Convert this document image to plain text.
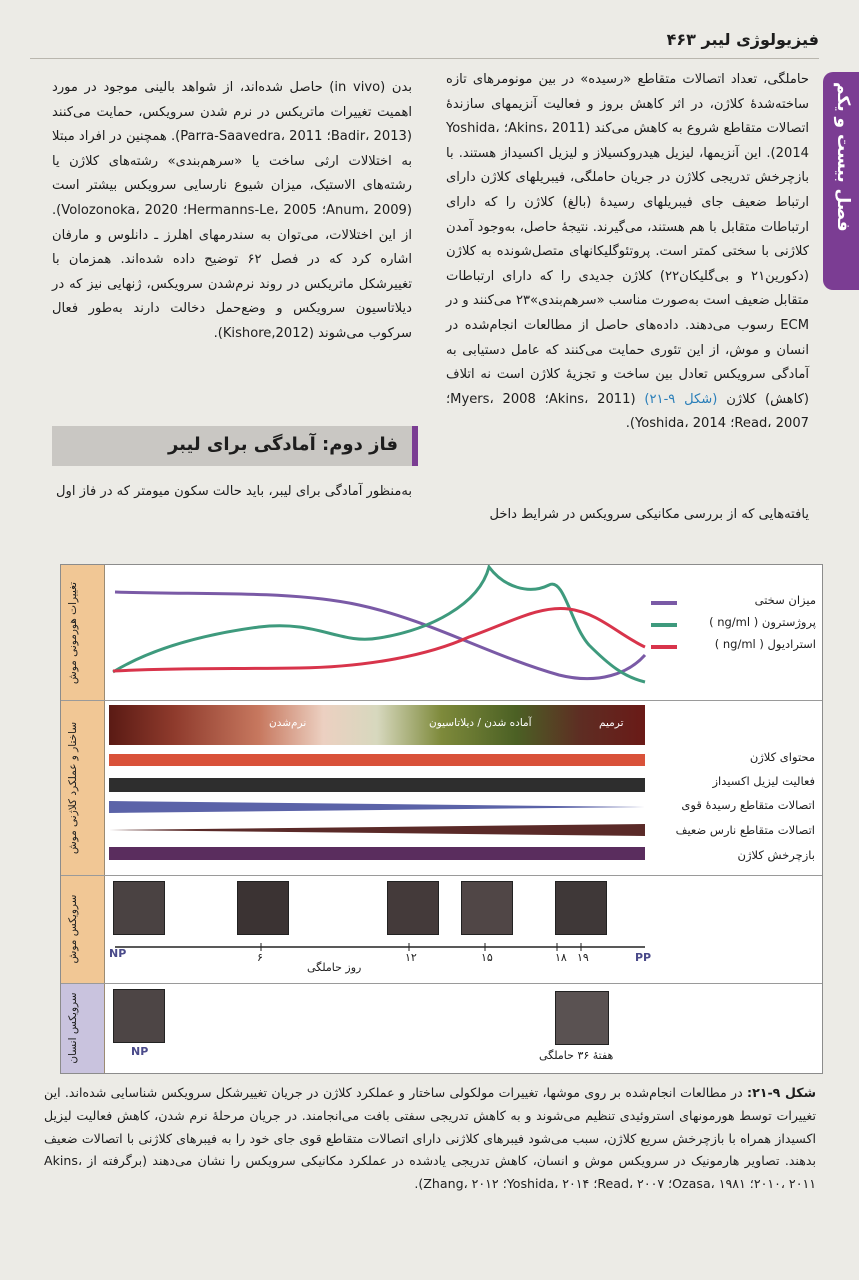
فیزیولوژی لیبر ۴۶۳
فصل بیست و یکم

حاملگی، تعداد اتصالات متقاطع «رسیده» در بین مونومرهای تازه ساخته‌شدهٔ کلاژن، در اثر کاهش بروز و فعالیت آنزیمهای سازندهٔ اتصالات متقاطع شروع به کاهش می‌کند (Akins، 2011؛ Yoshida، 2014). این آنزیمها، لیزیل هیدروکسیلاز و لیزیل اکسیداز هستند. با بازچرخش تدریجی کلاژن در جریان حاملگی، فیبریلهای کلاژن دارای ارتباط ضعیف جای فیبریلهای رسیدهٔ (بالغ) کلاژن را که دارای ارتباطات متقابل با هم هستند، می‌گیرند. نتیجهٔ حاصل، به‌وجود آمدن کلاژنی با سختی کمتر است. پروتئوگلیکانهای متصل‌شونده به کلاژن (دکورین۲۱ و بی‌گلیکان۲۲) کلاژن جدیدی را که دارای ارتباطات متقابل ضعیف است به‌صورت مناسب «سرهم‌بندی»۲۳ می‌کنند و در ECM رسوب می‌دهند. داده‌های حاصل از مطالعات انجام‌شده در انسان و موش، از این تئوری حمایت می‌کنند که عامل دستیابی به آمادگی سرویکس تعادل بین ساخت و تجزیهٔ کلاژن است نه اتلاف (کاهش) کلاژن (شکل ۹-۲۱) (Akins، 2011؛ Myers، 2008؛ Read، 2007؛ Yoshida، 2014).

یافته‌هایی که از بررسی مکانیکی سرویکس در شرایط داخل

بدن (in vivo) حاصل شده‌اند، از شواهد بالینی موجود در مورد اهمیت تغییرات ماتریکس در نرم شدن سرویکس، حمایت می‌کنند (Badir، 2013؛ Parra-Saavedra، 2011). همچنین در افراد مبتلا به اختلالات ارثی ساخت یا «سرهم‌بندی» رشته‌های کلاژن یا رشته‌های الاستیک، میزان شیوع نارسایی سرویکس بیشتر است (Anum، 2009؛ Hermanns-Le، 2005؛ Volozonoka، 2020). از این اختلالات، می‌توان به سندرمهای اهلرز ـ دانلوس و مارفان اشاره کرد که در فصل ۶۲ توضیح داده شده‌اند. همزمان با تغییرشکل ماتریکس در روند نرم‌شدن سرویکس، ژنهایی نیز که در دیلاتاسیون سرویکس و وضع‌حمل دخالت دارند به‌طور فعال سرکوب می‌شوند (2012,Kishore).

فاز دوم: آمادگی برای لیبر

به‌منظور آمادگی برای لیبر، باید حالت سکون میومتر که در فاز اول

تغییرات هورمونی موش
ساختار و عملکرد کلاژنی موش
سرویکس موش
سرویکس انسان
میزان سختی
پروژسترون ( ng/ml )
استرادیول ( ng/ml )
نرم‌شدن	آماده شدن / دیلاتاسیون	ترمیم
محتوای کلاژن
فعالیت لیزیل اکسیداز
اتصالات متقاطع رسیدهٔ قوی
اتصالات متقاطع نارس ضعیف
بازچرخش کلاژن
NP	۶	۱۲	۱۵	۱۸ ۱۹	PP
روز حاملگی
NP	هفتهٔ ۳۶ حاملگی
شکل ۹-۲۱: در مطالعات انجام‌شده بر روی موشها، تغییرات مولکولی ساختار و عملکرد کلاژن در جریان تغییرشکل سرویکس شناسایی شده‌اند. این تغییرات توسط هورمونهای استروئیدی تنظیم می‌شوند و به کاهش تدریجی سفتی بافت می‌انجامند. در جریان مرحلهٔ نرم شدن، کاهش فعالیت لیزیل اکسیداز همراه با بازچرخش سریع کلاژن، سبب می‌شود فیبرهای کلاژنی دارای اتصالات متقاطع قوی جای خود را به فیبرهای کلاژنی با اتصالات ضعیف بدهند. تصاویر هارمونیک در سرویکس موش و انسان، کاهش تدریجی یادشده در عملکرد مکانیکی سرویکس را نشان می‌دهند (برگرفته از Akins، ۲۰۱۰، ۲۰۱۱؛ Ozasa، ۱۹۸۱؛ Read، ۲۰۰۷؛ Yoshida، ۲۰۱۴؛ Zhang، ۲۰۱۲).
